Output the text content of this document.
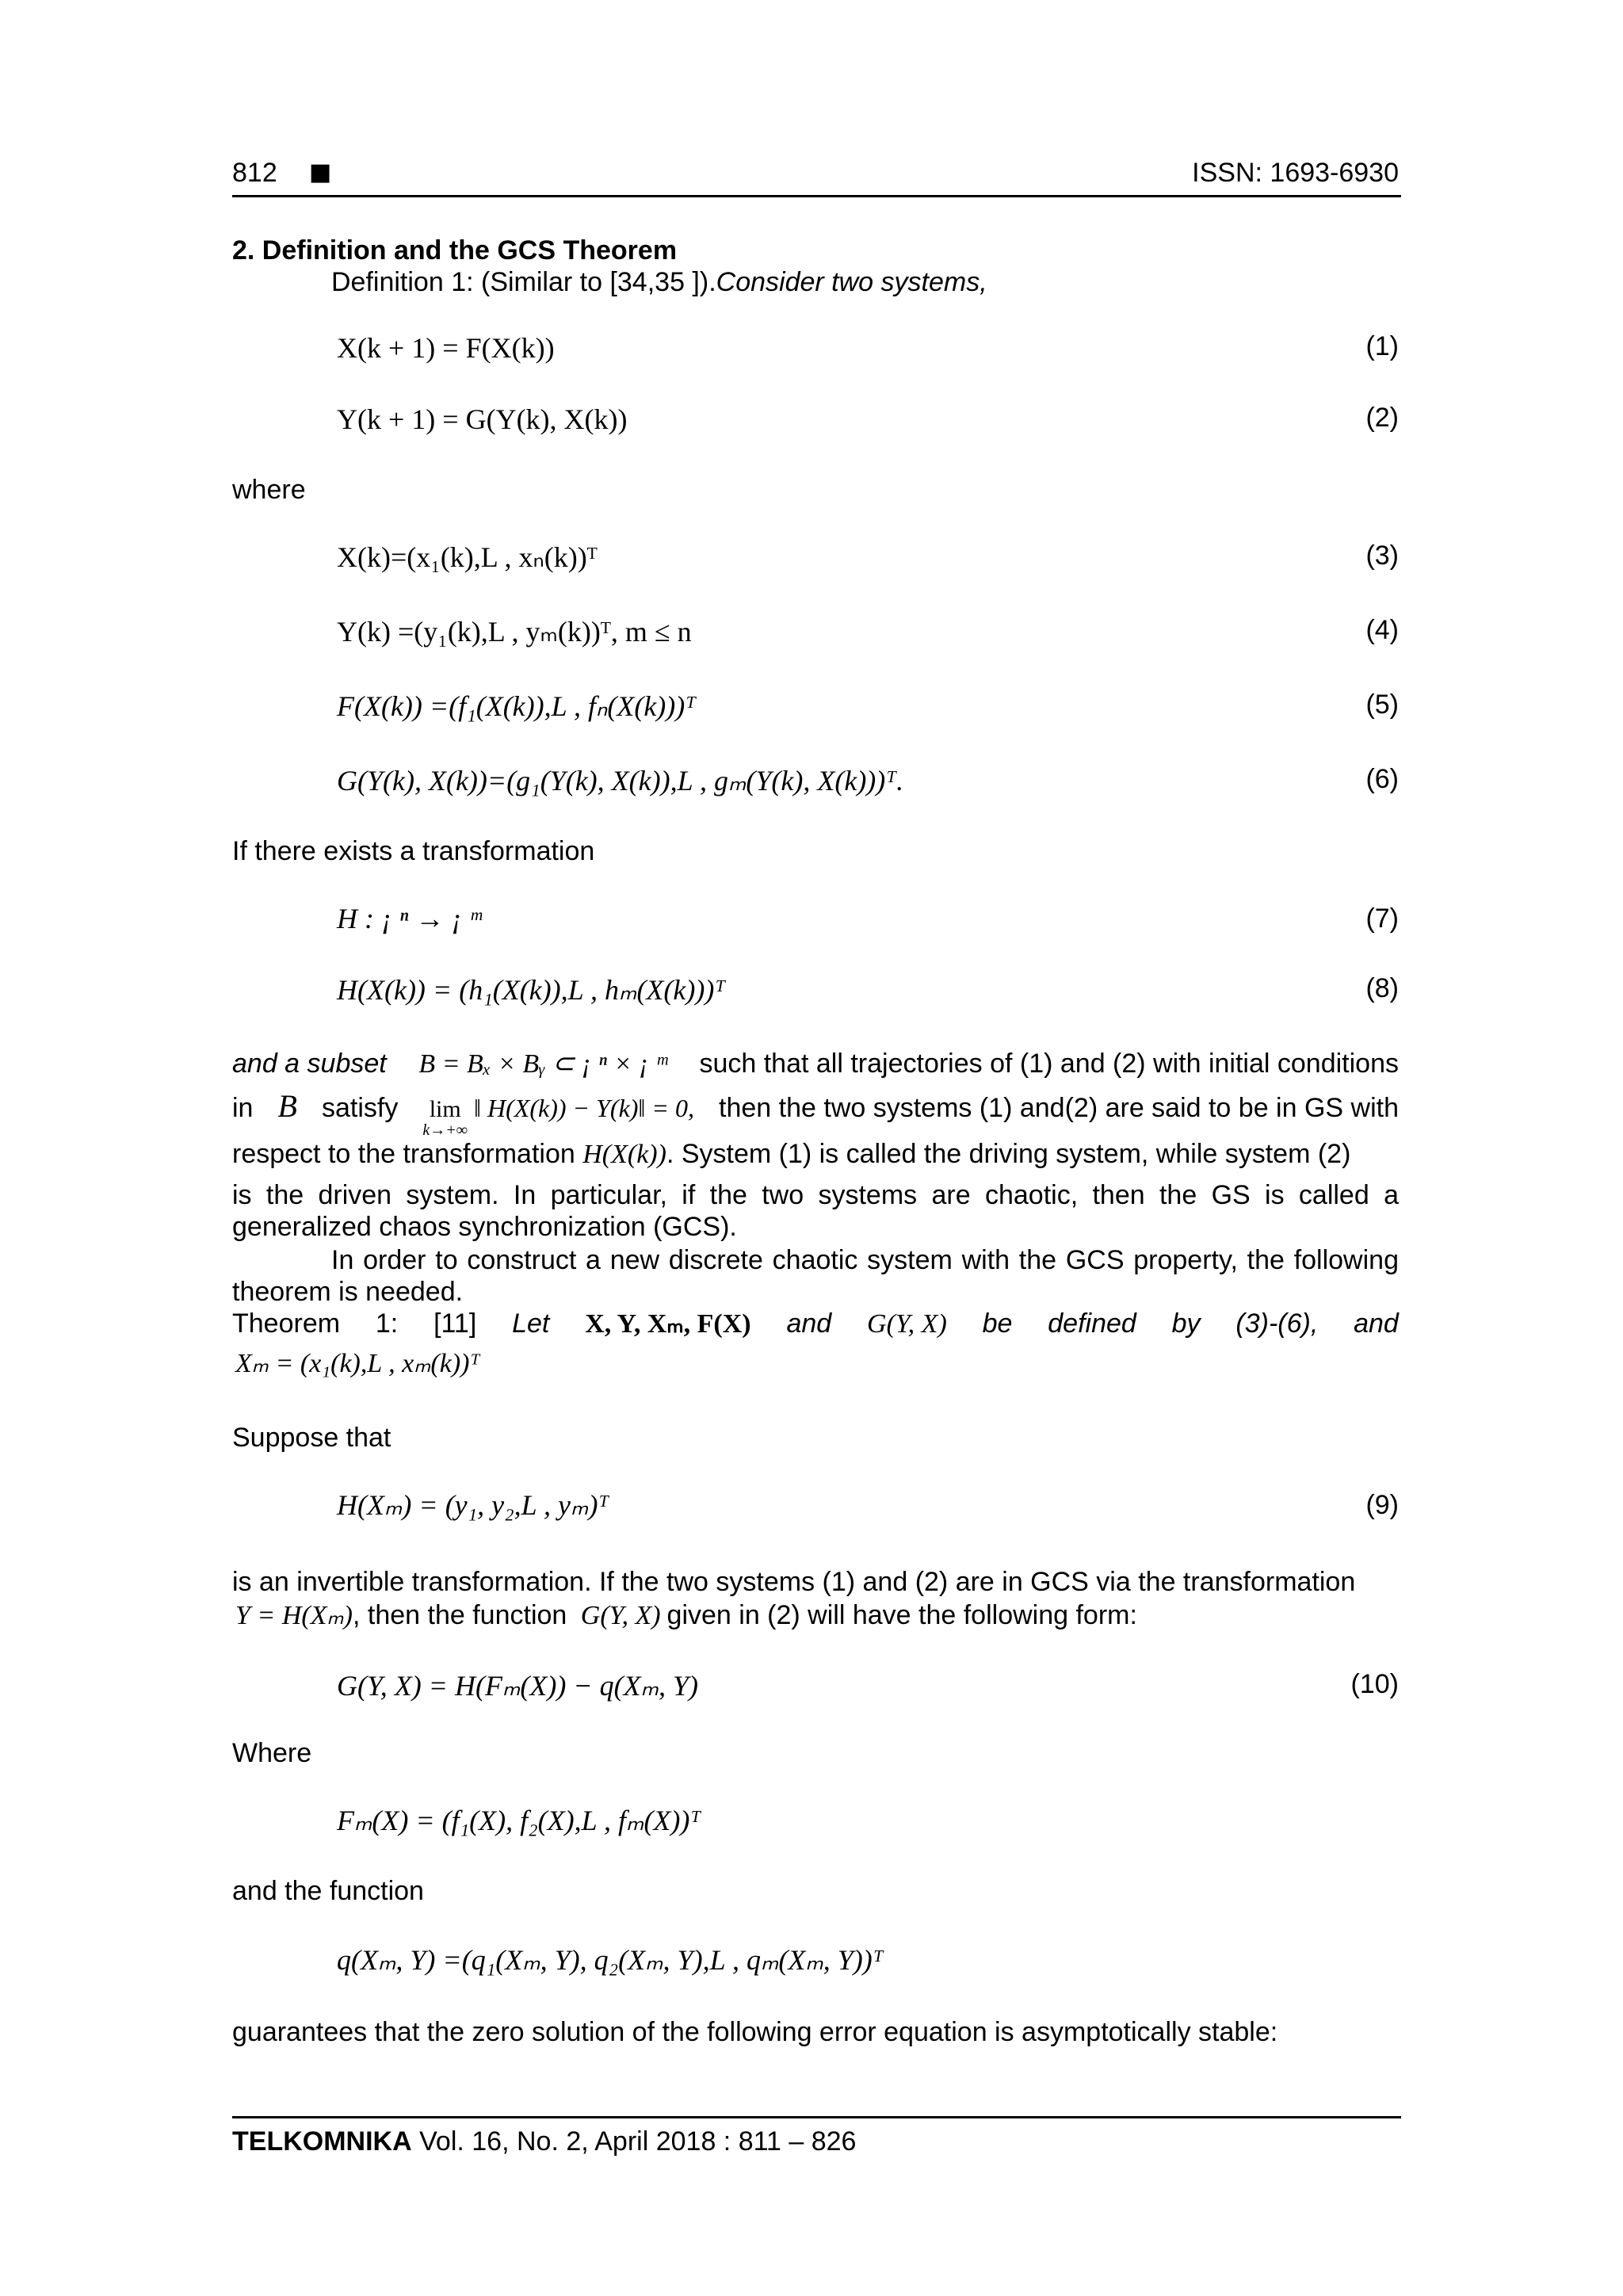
812 ■	ISSN: 1693-6930
2. Definition and the GCS Theorem
Definition 1: (Similar to [34,35 ]).Consider two systems,
X(k + 1) = F(X(k))	(1)
Y(k + 1) = G(Y(k), X(k))	(2)
where
X(k)=(x₁(k),L , xₙ(k))ᵀ	(3)
Y(k) =(y₁(k),L , yₘ(k))ᵀ, m ≤ n	(4)
F(X(k)) =(f₁(X(k)),L , fₙ(X(k)))ᵀ	(5)
G(Y(k), X(k))=(g₁(Y(k), X(k)),L , gₘ(Y(k), X(k)))ᵀ.	(6)
If there exists a transformation
H : ¡ ⁿ → ¡ ᵐ	(7)
H(X(k)) = (h₁(X(k)),L , hₘ(X(k)))ᵀ	(8)
and a subset B = Bₓ × Bᵧ ⊂ ¡ ⁿ × ¡ ᵐ such that all trajectories of (1) and (2) with initial conditions
in B satisfy lim
k→+∞
‖ H(X(k)) − Y(k)‖ = 0, then the two systems (1) and(2) are said to be in GS with
respect to the transformation H(X(k)). System (1) is called the driving system, while system (2)
is the driven system. In particular, if the two systems are chaotic, then the GS is called a
generalized chaos synchronization (GCS).
In order to construct a new discrete chaotic system with the GCS property, the following
theorem is needed.
Theorem 1: [11] Let X, Y, Xₘ, F(X) and G(Y, X) be defined by (3)-(6), and
Xₘ = (x₁(k),L , xₘ(k))ᵀ
Suppose that
H(Xₘ) = (y₁, y₂,L , yₘ)ᵀ	(9)
is an invertible transformation. If the two systems (1) and (2) are in GCS via the transformation
Y = H(Xₘ), then the function G(Y, X) given in (2) will have the following form:
G(Y, X) = H(Fₘ(X)) − q(Xₘ, Y)	(10)
Where
Fₘ(X) = (f₁(X), f₂(X),L , fₘ(X))ᵀ
and the function
q(Xₘ, Y) =(q₁(Xₘ, Y), q₂(Xₘ, Y),L , qₘ(Xₘ, Y))ᵀ
guarantees that the zero solution of the following error equation is asymptotically stable:
TELKOMNIKA Vol. 16, No. 2, April 2018 : 811 – 826
